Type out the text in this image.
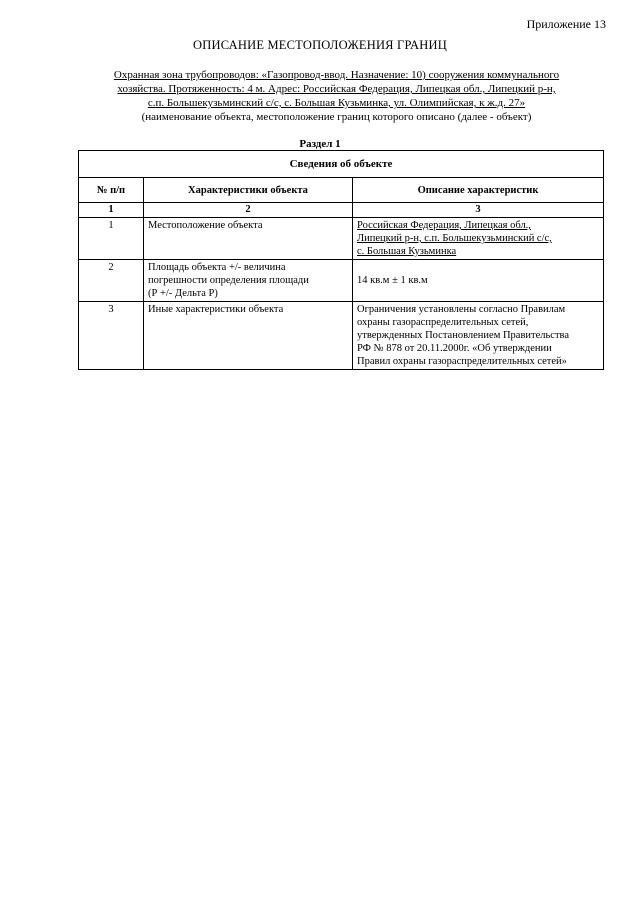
Приложение 13
ОПИСАНИЕ МЕСТОПОЛОЖЕНИЯ ГРАНИЦ
Охранная зона трубопроводов: «Газопровод-ввод. Назначение: 10) сооружения коммунального
хозяйства. Протяженность: 4 м. Адрес: Российская Федерация, Липецкая обл., Липецкий р-н,
с.п. Большекузьминский с/с, с. Большая Кузьминка, ул. Олимпийская, к ж.д. 27»
(наименование объекта, местоположение границ которого описано (далее - объект)
Раздел 1
Сведения об объекте		
№ п/п	Характеристики объекта	Описание характеристик
1	2	3
1	Местоположение объекта	Российская Федерация, Липецкая обл.,
Липецкий р-н, с.п. Большекузьминский с/с,
с. Большая Кузьминка
2	Площадь объекта +/- величина
погрешности определения площади
(Р +/- Дельта Р)	14 кв.м ± 1 кв.м
3	Иные характеристики объекта	Ограничения установлены согласно Правилам
охраны газораспределительных сетей,
утвержденных Постановлением Правительства
РФ № 878 от 20.11.2000г. «Об утверждении
Правил охраны газораспределительных сетей»
